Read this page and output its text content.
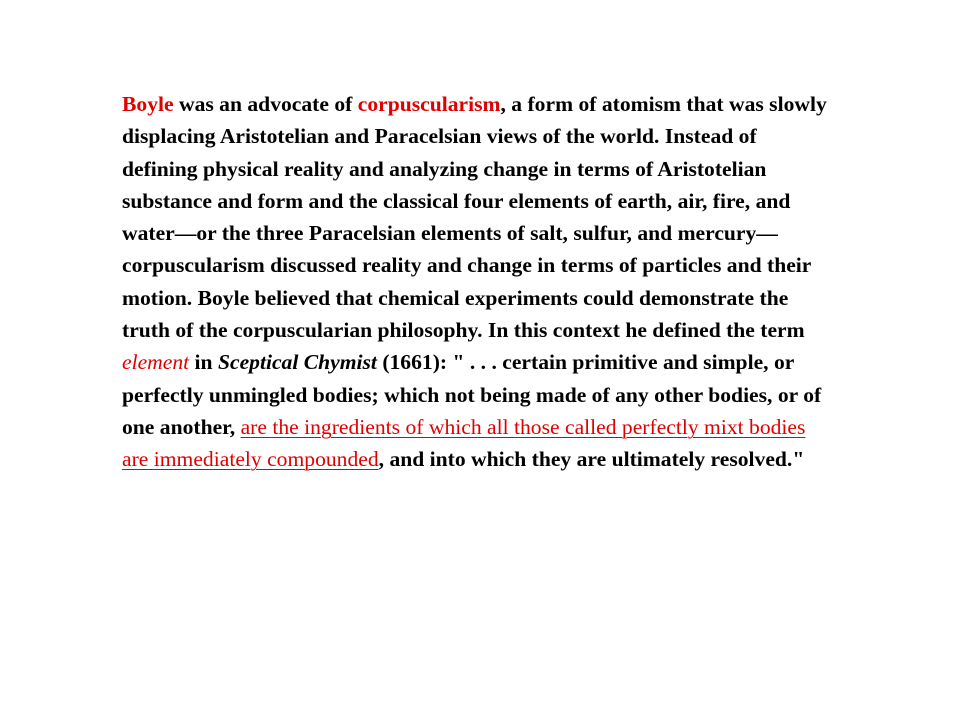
Boyle was an advocate of corpuscularism, a form of atomism that was slowly displacing Aristotelian and Paracelsian views of the world. Instead of defining physical reality and analyzing change in terms of Aristotelian substance and form and the classical four elements of earth, air, fire, and water—or the three Paracelsian elements of salt, sulfur, and mercury—corpuscularism discussed reality and change in terms of particles and their motion. Boyle believed that chemical experiments could demonstrate the truth of the corpuscularian philosophy. In this context he defined the term element in Sceptical Chymist (1661): " . . . certain primitive and simple, or perfectly unmingled bodies; which not being made of any other bodies, or of one another, are the ingredients of which all those called perfectly mixt bodies are immediately compounded, and into which they are ultimately resolved."
